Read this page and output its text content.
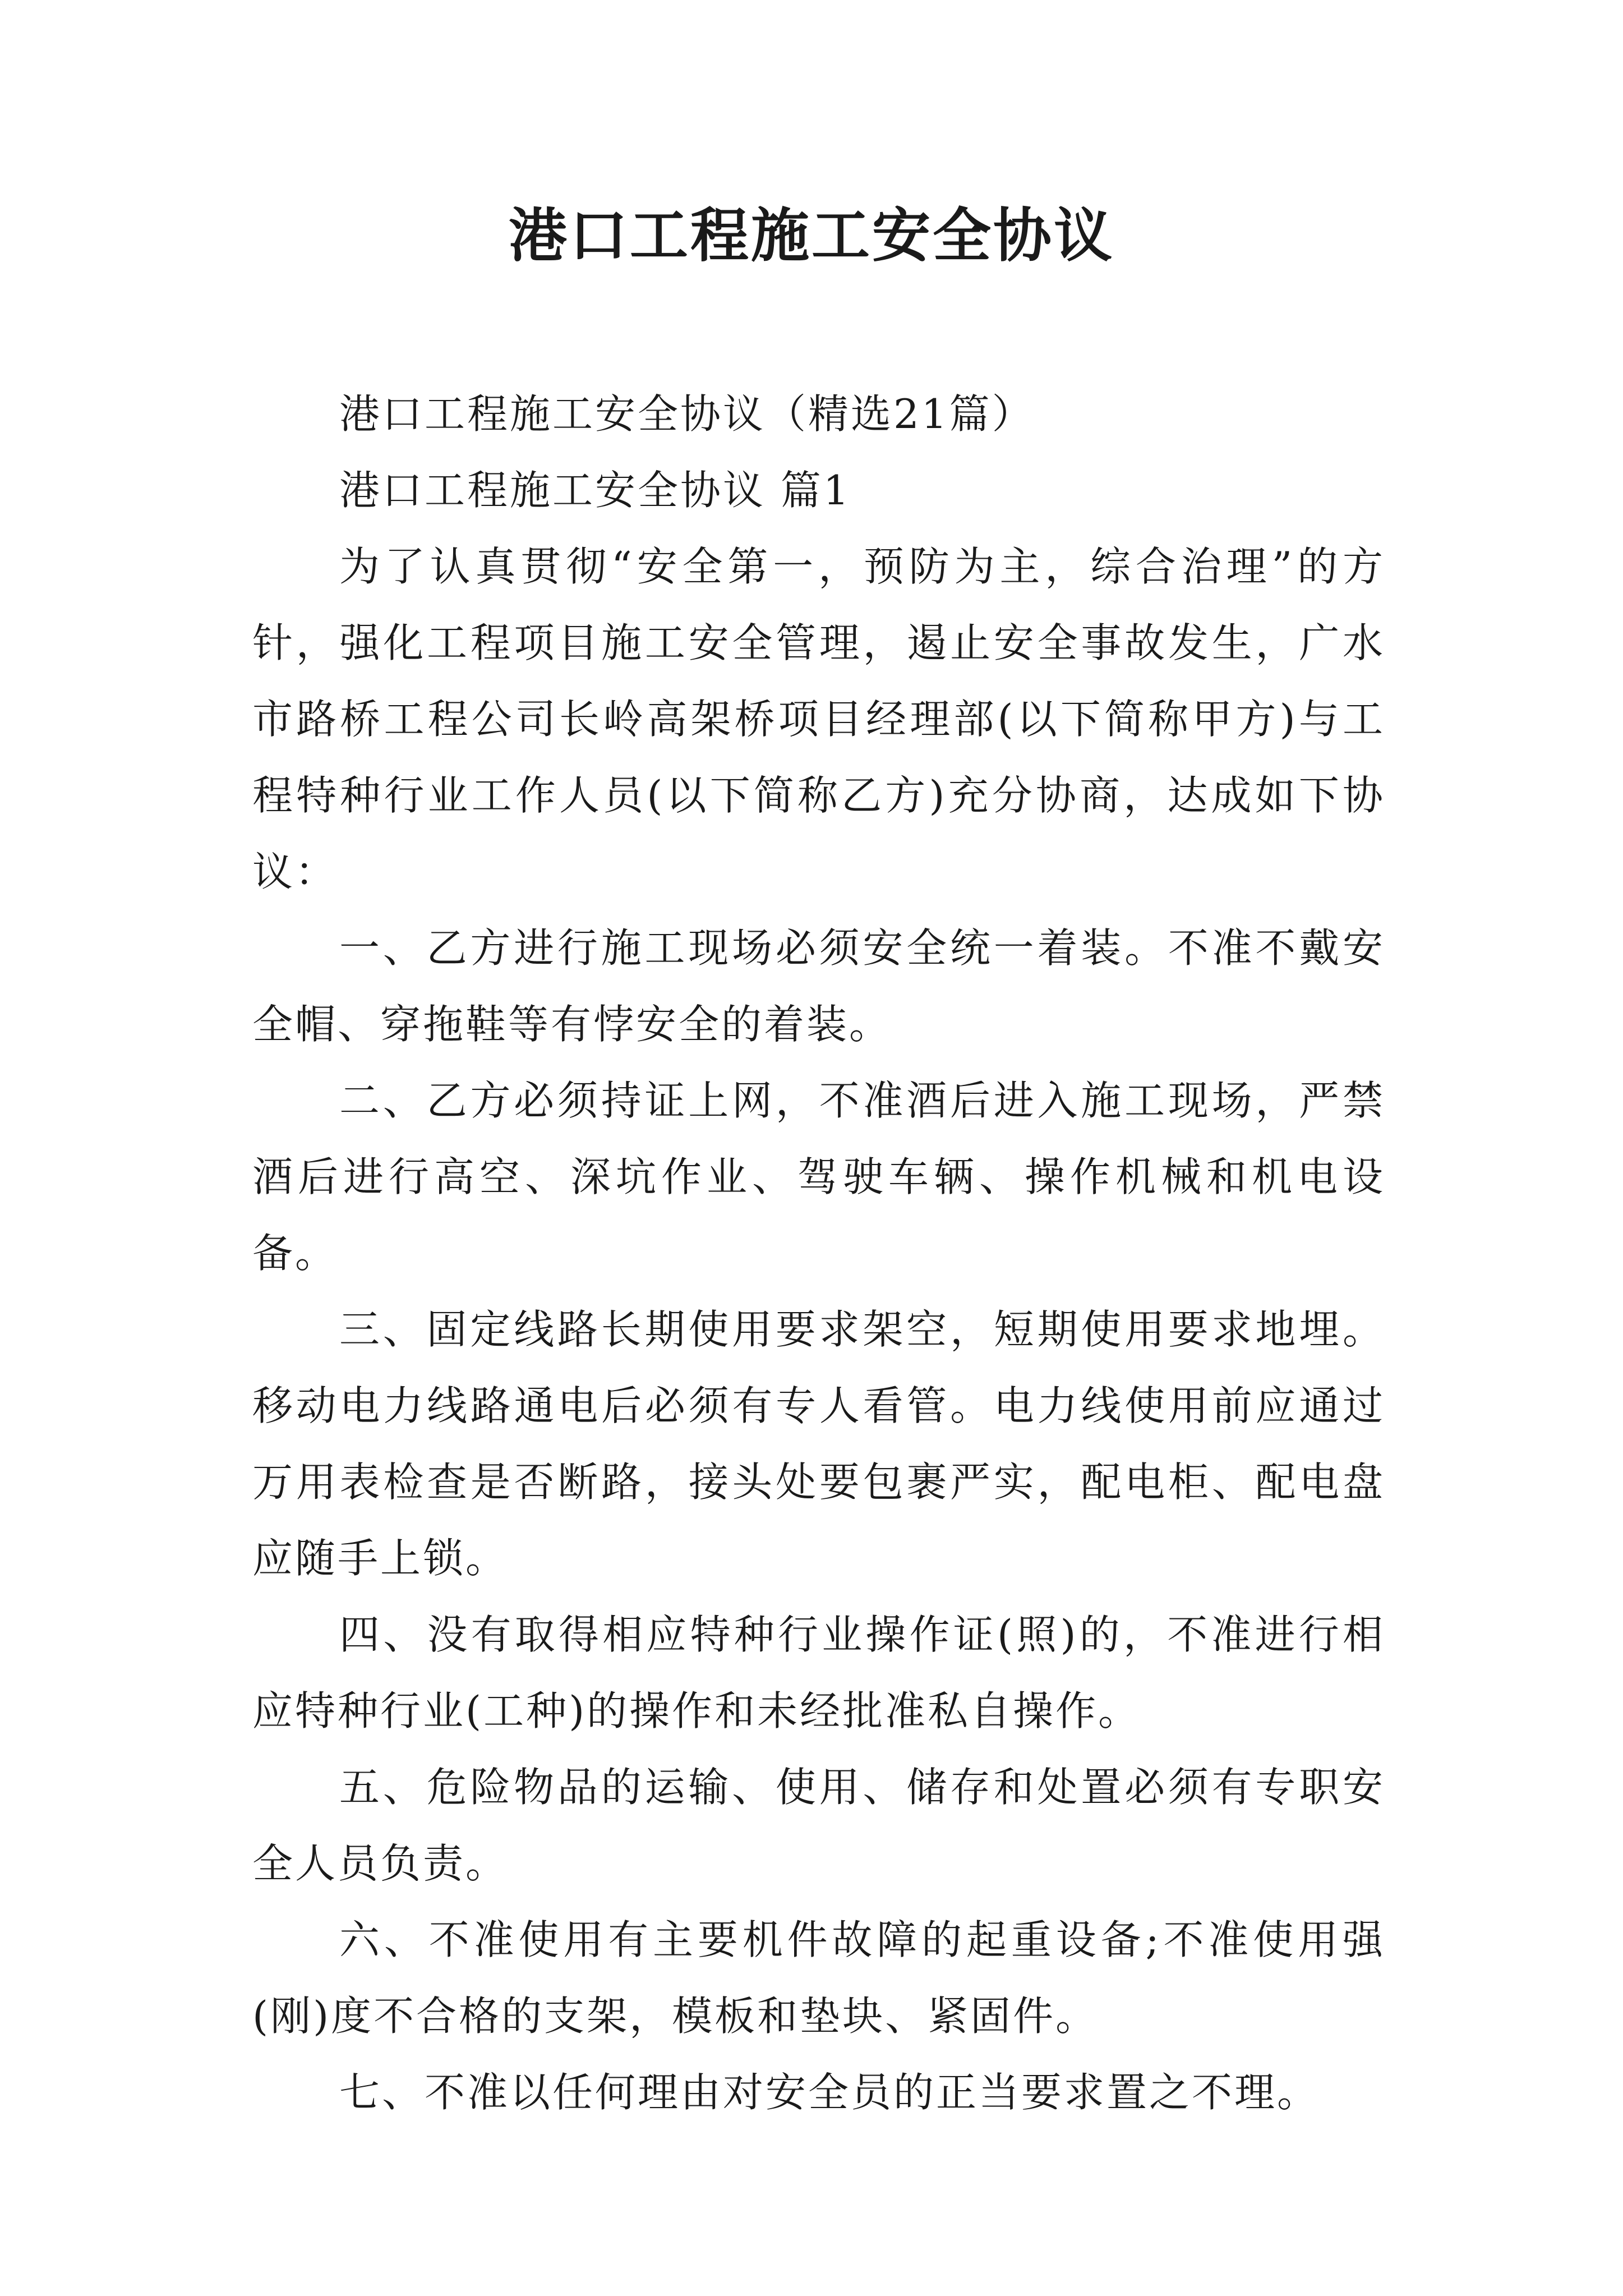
港口工程施工安全协议

港口工程施工安全协议（精选21篇）

港口工程施工安全协议 篇1

为了认真贯彻“安全第一，预防为主，综合治理”的方针，强化工程项目施工安全管理，遏止安全事故发生，广水市路桥工程公司长岭高架桥项目经理部(以下简称甲方)与工程特种行业工作人员(以下简称乙方)充分协商，达成如下协议：

一、乙方进行施工现场必须安全统一着装。不准不戴安全帽、穿拖鞋等有悖安全的着装。

二、乙方必须持证上网，不准酒后进入施工现场，严禁酒后进行高空、深坑作业、驾驶车辆、操作机械和机电设备。

三、固定线路长期使用要求架空，短期使用要求地埋。移动电力线路通电后必须有专人看管。电力线使用前应通过万用表检查是否断路，接头处要包裹严实，配电柜、配电盘应随手上锁。

四、没有取得相应特种行业操作证(照)的，不准进行相应特种行业(工种)的操作和未经批准私自操作。

五、危险物品的运输、使用、储存和处置必须有专职安全人员负责。

六、不准使用有主要机件故障的起重设备;不准使用强(刚)度不合格的支架，模板和垫块、紧固件。

七、不准以任何理由对安全员的正当要求置之不理。
